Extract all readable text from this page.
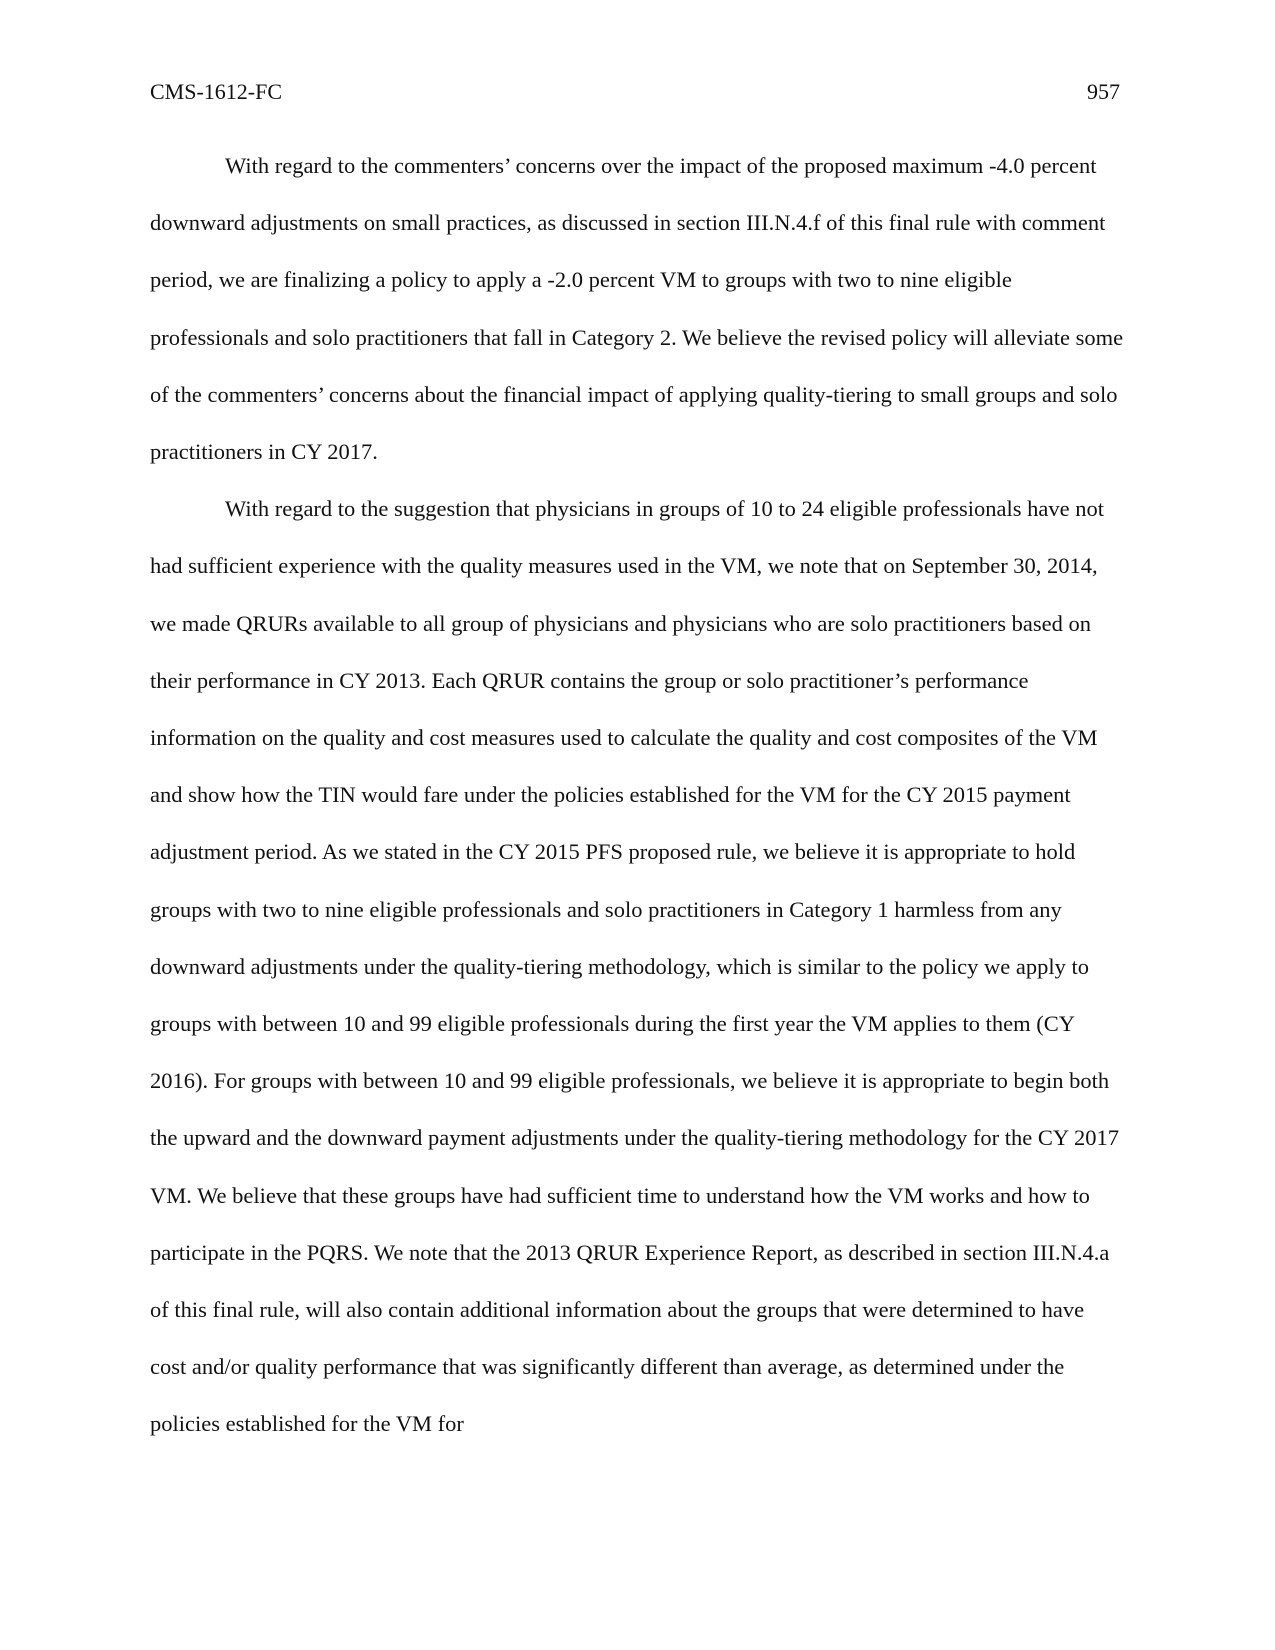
CMS-1612-FC	957

With regard to the commenters’ concerns over the impact of the proposed maximum -4.0 percent downward adjustments on small practices, as discussed in section III.N.4.f of this final rule with comment period, we are finalizing a policy to apply a -2.0 percent VM to groups with two to nine eligible professionals and solo practitioners that fall in Category 2. We believe the revised policy will alleviate some of the commenters’ concerns about the financial impact of applying quality-tiering to small groups and solo practitioners in CY 2017.

With regard to the suggestion that physicians in groups of 10 to 24 eligible professionals have not had sufficient experience with the quality measures used in the VM, we note that on September 30, 2014, we made QRURs available to all group of physicians and physicians who are solo practitioners based on their performance in CY 2013. Each QRUR contains the group or solo practitioner’s performance information on the quality and cost measures used to calculate the quality and cost composites of the VM and show how the TIN would fare under the policies established for the VM for the CY 2015 payment adjustment period. As we stated in the CY 2015 PFS proposed rule, we believe it is appropriate to hold groups with two to nine eligible professionals and solo practitioners in Category 1 harmless from any downward adjustments under the quality-tiering methodology, which is similar to the policy we apply to groups with between 10 and 99 eligible professionals during the first year the VM applies to them (CY 2016). For groups with between 10 and 99 eligible professionals, we believe it is appropriate to begin both the upward and the downward payment adjustments under the quality-tiering methodology for the CY 2017 VM. We believe that these groups have had sufficient time to understand how the VM works and how to participate in the PQRS. We note that the 2013 QRUR Experience Report, as described in section III.N.4.a of this final rule, will also contain additional information about the groups that were determined to have cost and/or quality performance that was significantly different than average, as determined under the policies established for the VM for
